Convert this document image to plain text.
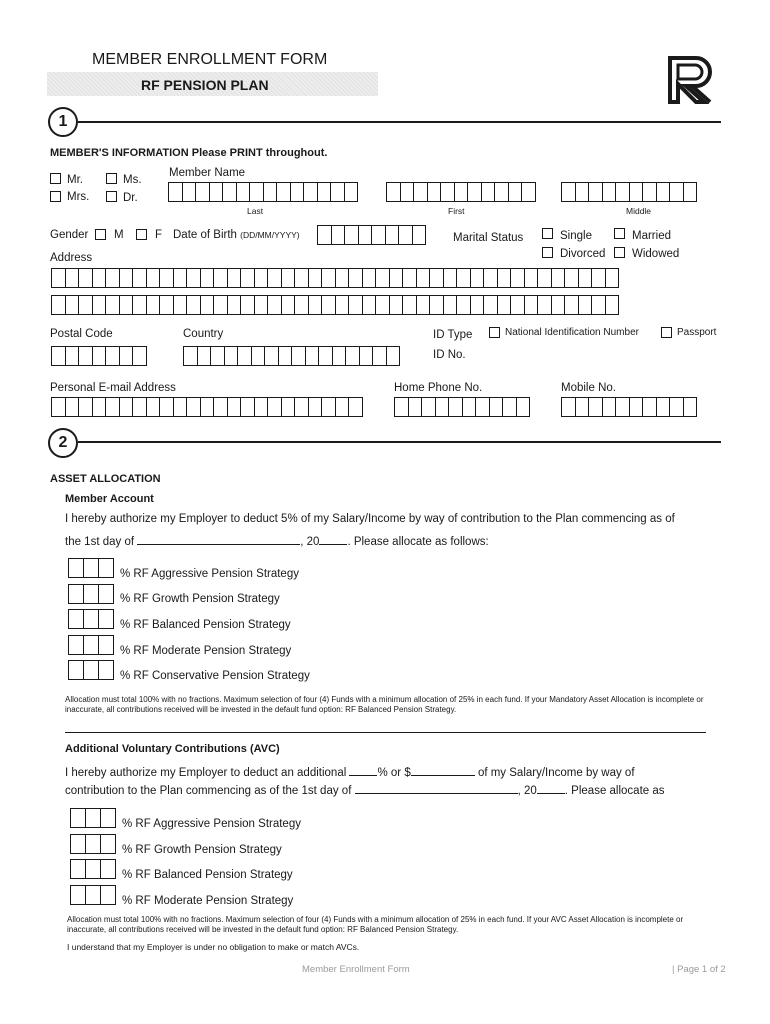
MEMBER ENROLLMENT FORM
RF PENSION PLAN
1
MEMBER'S INFORMATION Please PRINT throughout.
Mr.	Ms.
Mrs.	Dr.
Member Name
Last	First	Middle
Gender M	F Date of Birth (DD/MM/YYYY)	Marital Status	Single	Married
Divorced Widowed
Address
Postal Code	Country	ID Type	National Identification Number	Passport
ID No.
Personal E-mail Address	Home Phone No.	Mobile No.
2
ASSET ALLOCATION
Member Account
I hereby authorize my Employer to deduct 5% of my Salary/Income by way of contribution to the Plan commencing as of
the 1st day of	, 20 . Please allocate as follows:
% RF Aggressive Pension Strategy
% RF Growth Pension Strategy
% RF Balanced Pension Strategy
% RF Moderate Pension Strategy
% RF Conservative Pension Strategy
Allocation must total 100% with no fractions. Maximum selection of four (4) Funds with a minimum allocation of 25% in each fund. If your Mandatory Asset Allocation is incomplete or inaccurate, all contributions received will be invested in the default fund option: RF Balanced Pension Strategy.
Additional Voluntary Contributions (AVC)
I hereby authorize my Employer to deduct an additional	% or $	of my Salary/Income by way of
contribution to the Plan commencing as of the 1st day of	, 20 . Please allocate as
% RF Aggressive Pension Strategy
% RF Growth Pension Strategy
% RF Balanced Pension Strategy
% RF Moderate Pension Strategy
Allocation must total 100% with no fractions. Maximum selection of four (4) Funds with a minimum allocation of 25% in each fund. If your AVC Asset Allocation is incomplete or inaccurate, all contributions received will be invested in the default fund option: RF Balanced Pension Strategy.
I understand that my Employer is under no obligation to make or match AVCs.
Member Enrollment Form	| Page 1 of 2
